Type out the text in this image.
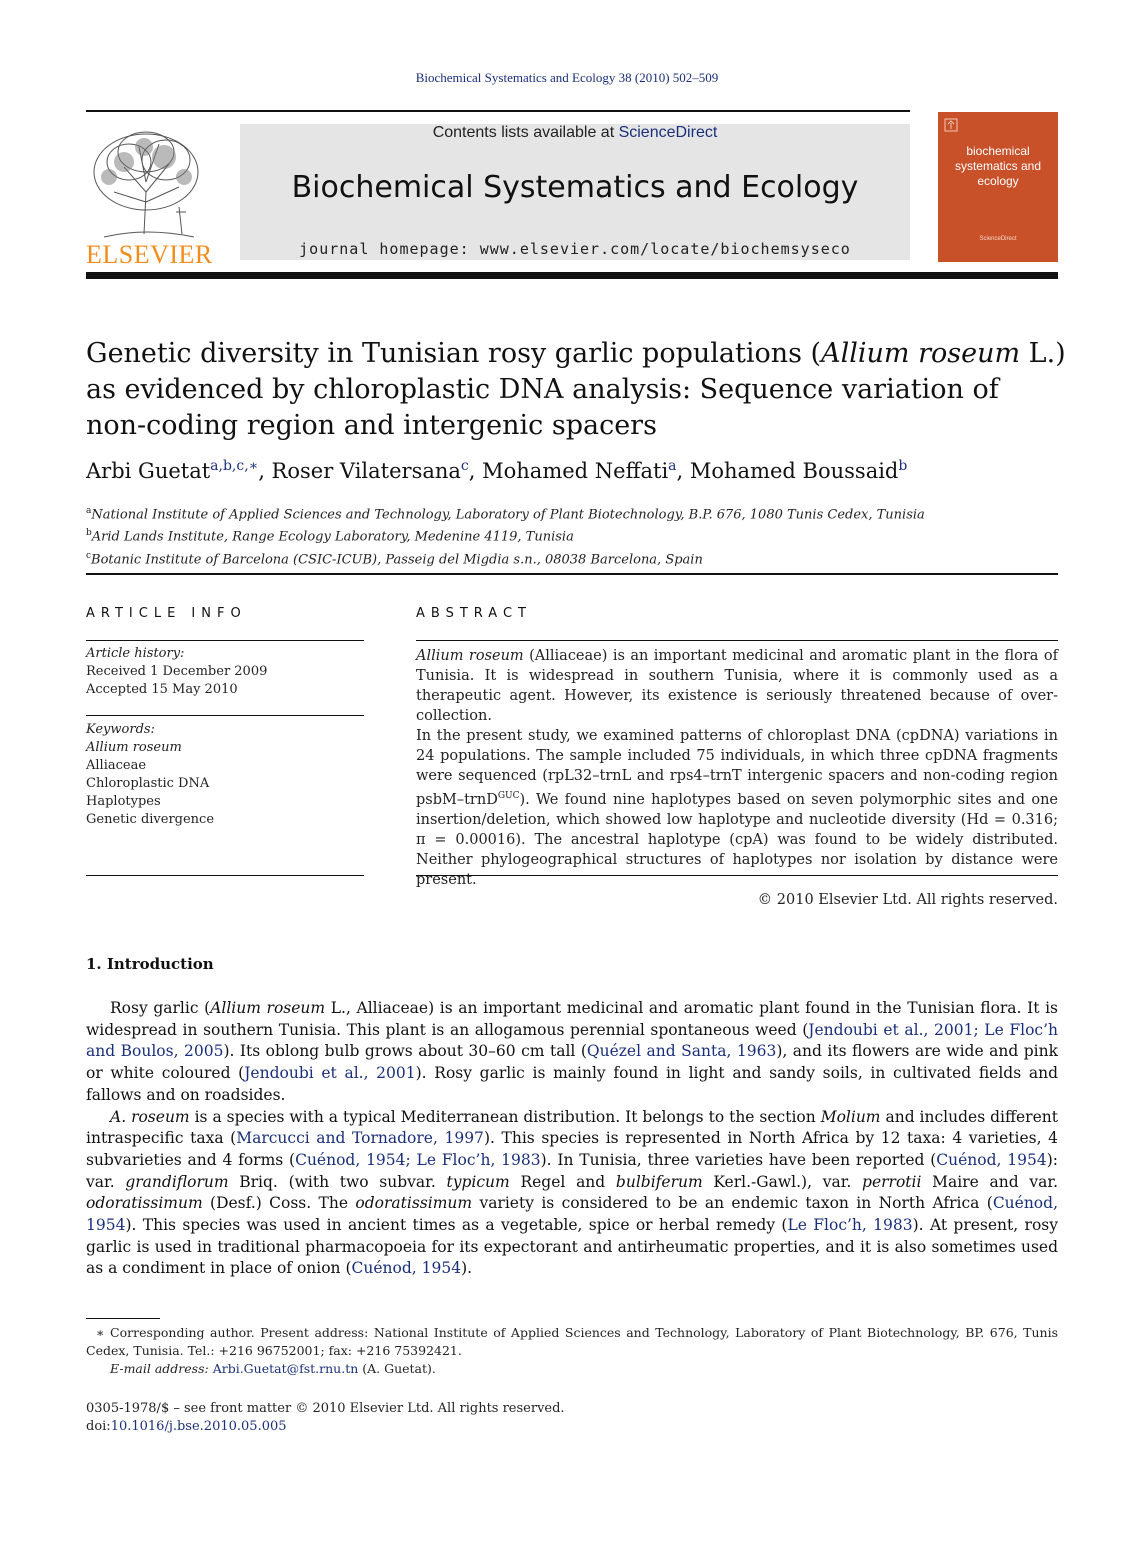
Biochemical Systematics and Ecology 38 (2010) 502–509
ELSEVIER
Contents lists available at ScienceDirect
Biochemical Systematics and Ecology
journal homepage: www.elsevier.com/locate/biochemsyseco
biochemical systematics and ecology
ScienceDirect
Genetic diversity in Tunisian rosy garlic populations (Allium roseum L.) as evidenced by chloroplastic DNA analysis: Sequence variation of non-coding region and intergenic spacers
Arbi Guetat$^{a,b,c,∗}$, Roser Vilatersana$^c$, Mohamed Neffati$^a$, Mohamed Boussaid$^b$
$^a$National Institute of Applied Sciences and Technology, Laboratory of Plant Biotechnology, B.P. 676, 1080 Tunis Cedex, Tunisia
$^b$Arid Lands Institute, Range Ecology Laboratory, Medenine 4119, Tunisia
$^c$Botanic Institute of Barcelona (CSIC-ICUB), Passeig del Migdia s.n., 08038 Barcelona, Spain
ARTICLE INFO	ABSTRACT
Article history:
Received 1 December 2009
Accepted 15 May 2010
Keywords:
Allium roseum
Alliaceae
Chloroplastic DNA
Haplotypes
Genetic divergence
Allium roseum (Alliaceae) is an important medicinal and aromatic plant in the flora of Tunisia. It is widespread in southern Tunisia, where it is commonly used as a therapeutic agent. However, its existence is seriously threatened because of over-collection.
In the present study, we examined patterns of chloroplast DNA (cpDNA) variations in 24 populations. The sample included 75 individuals, in which three cpDNA fragments were sequenced (rpL32–trnL and rps4–trnT intergenic spacers and non-coding region psbM–trnD$^{GUC}$). We found nine haplotypes based on seven polymorphic sites and one insertion/deletion, which showed low haplotype and nucleotide diversity (Hd = 0.316; π = 0.00016). The ancestral haplotype (cpA) was found to be widely distributed. Neither phylogeographical structures of haplotypes nor isolation by distance were present.
© 2010 Elsevier Ltd. All rights reserved.
1. Introduction

Rosy garlic (Allium roseum L., Alliaceae) is an important medicinal and aromatic plant found in the Tunisian flora. It is widespread in southern Tunisia. This plant is an allogamous perennial spontaneous weed (Jendoubi et al., 2001; Le Floc’h and Boulos, 2005). Its oblong bulb grows about 30–60 cm tall (Quézel and Santa, 1963), and its flowers are wide and pink or white coloured (Jendoubi et al., 2001). Rosy garlic is mainly found in light and sandy soils, in cultivated fields and fallows and on roadsides.

A. roseum is a species with a typical Mediterranean distribution. It belongs to the section Molium and includes different intraspecific taxa (Marcucci and Tornadore, 1997). This species is represented in North Africa by 12 taxa: 4 varieties, 4 subvarieties and 4 forms (Cuénod, 1954; Le Floc’h, 1983). In Tunisia, three varieties have been reported (Cuénod, 1954): var. grandiflorum Briq. (with two subvar. typicum Regel and bulbiferum Kerl.-Gawl.), var. perrotii Maire and var. odoratissimum (Desf.) Coss. The odoratissimum variety is considered to be an endemic taxon in North Africa (Cuénod, 1954). This species was used in ancient times as a vegetable, spice or herbal remedy (Le Floc’h, 1983). At present, rosy garlic is used in traditional pharmacopoeia for its expectorant and antirheumatic properties, and it is also sometimes used as a condiment in place of onion (Cuénod, 1954).

∗ Corresponding author. Present address: National Institute of Applied Sciences and Technology, Laboratory of Plant Biotechnology, BP. 676, Tunis Cedex, Tunisia. Tel.: +216 96752001; fax: +216 75392421.
E-mail address: Arbi.Guetat@fst.rnu.tn (A. Guetat).
0305-1978/$ – see front matter © 2010 Elsevier Ltd. All rights reserved.
doi:10.1016/j.bse.2010.05.005
